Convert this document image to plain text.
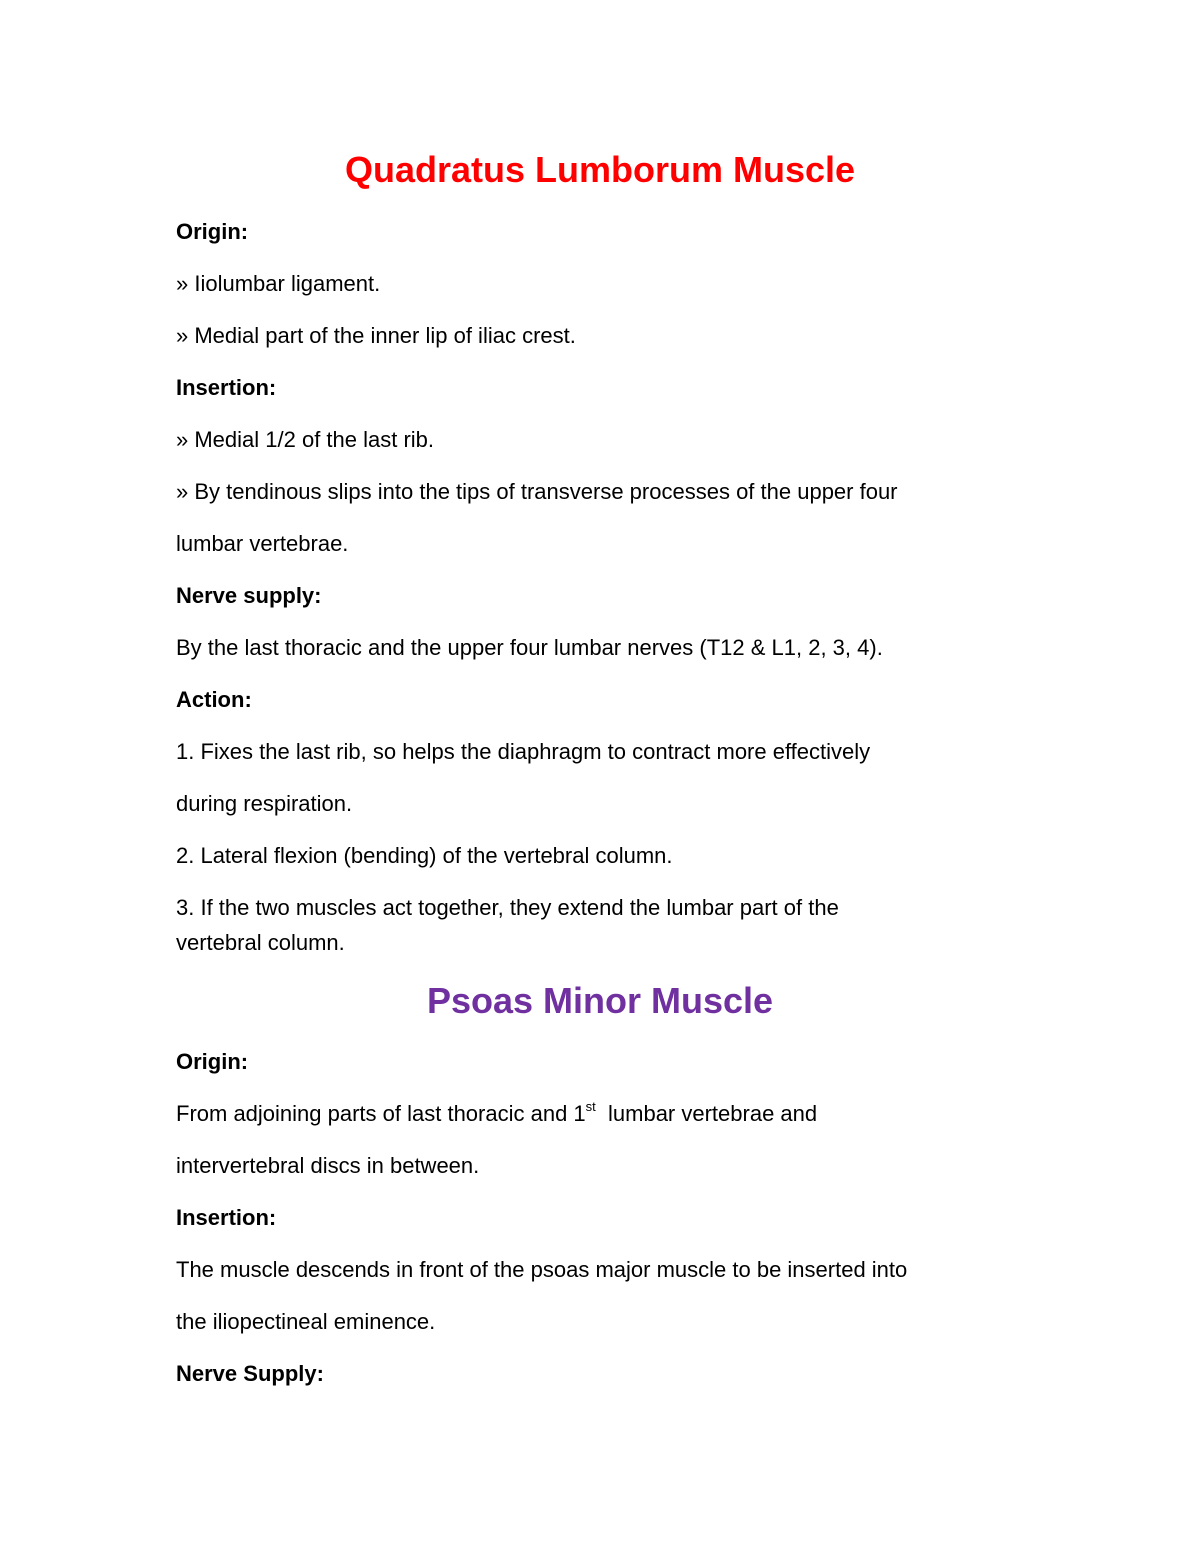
Quadratus Lumborum Muscle
Origin:
» Iiolumbar ligament.
» Medial part of the inner lip of iliac crest.
Insertion:
» Medial 1/2 of the last rib.
» By tendinous slips into the tips of transverse processes of the upper four
lumbar vertebrae.
Nerve supply:
By the last thoracic and the upper four lumbar nerves (T12 & L1, 2, 3, 4).
Action:
1. Fixes the last rib, so helps the diaphragm to contract more effectively
during respiration.
2. Lateral flexion (bending) of the vertebral column.
3. If the two muscles act together, they extend the lumbar part of the
vertebral column.
Psoas Minor Muscle
Origin:
From adjoining parts of last thoracic and 1st  lumbar vertebrae and
intervertebral discs in between.
Insertion:
The muscle descends in front of the psoas major muscle to be inserted into
the iliopectineal eminence.
Nerve Supply:
